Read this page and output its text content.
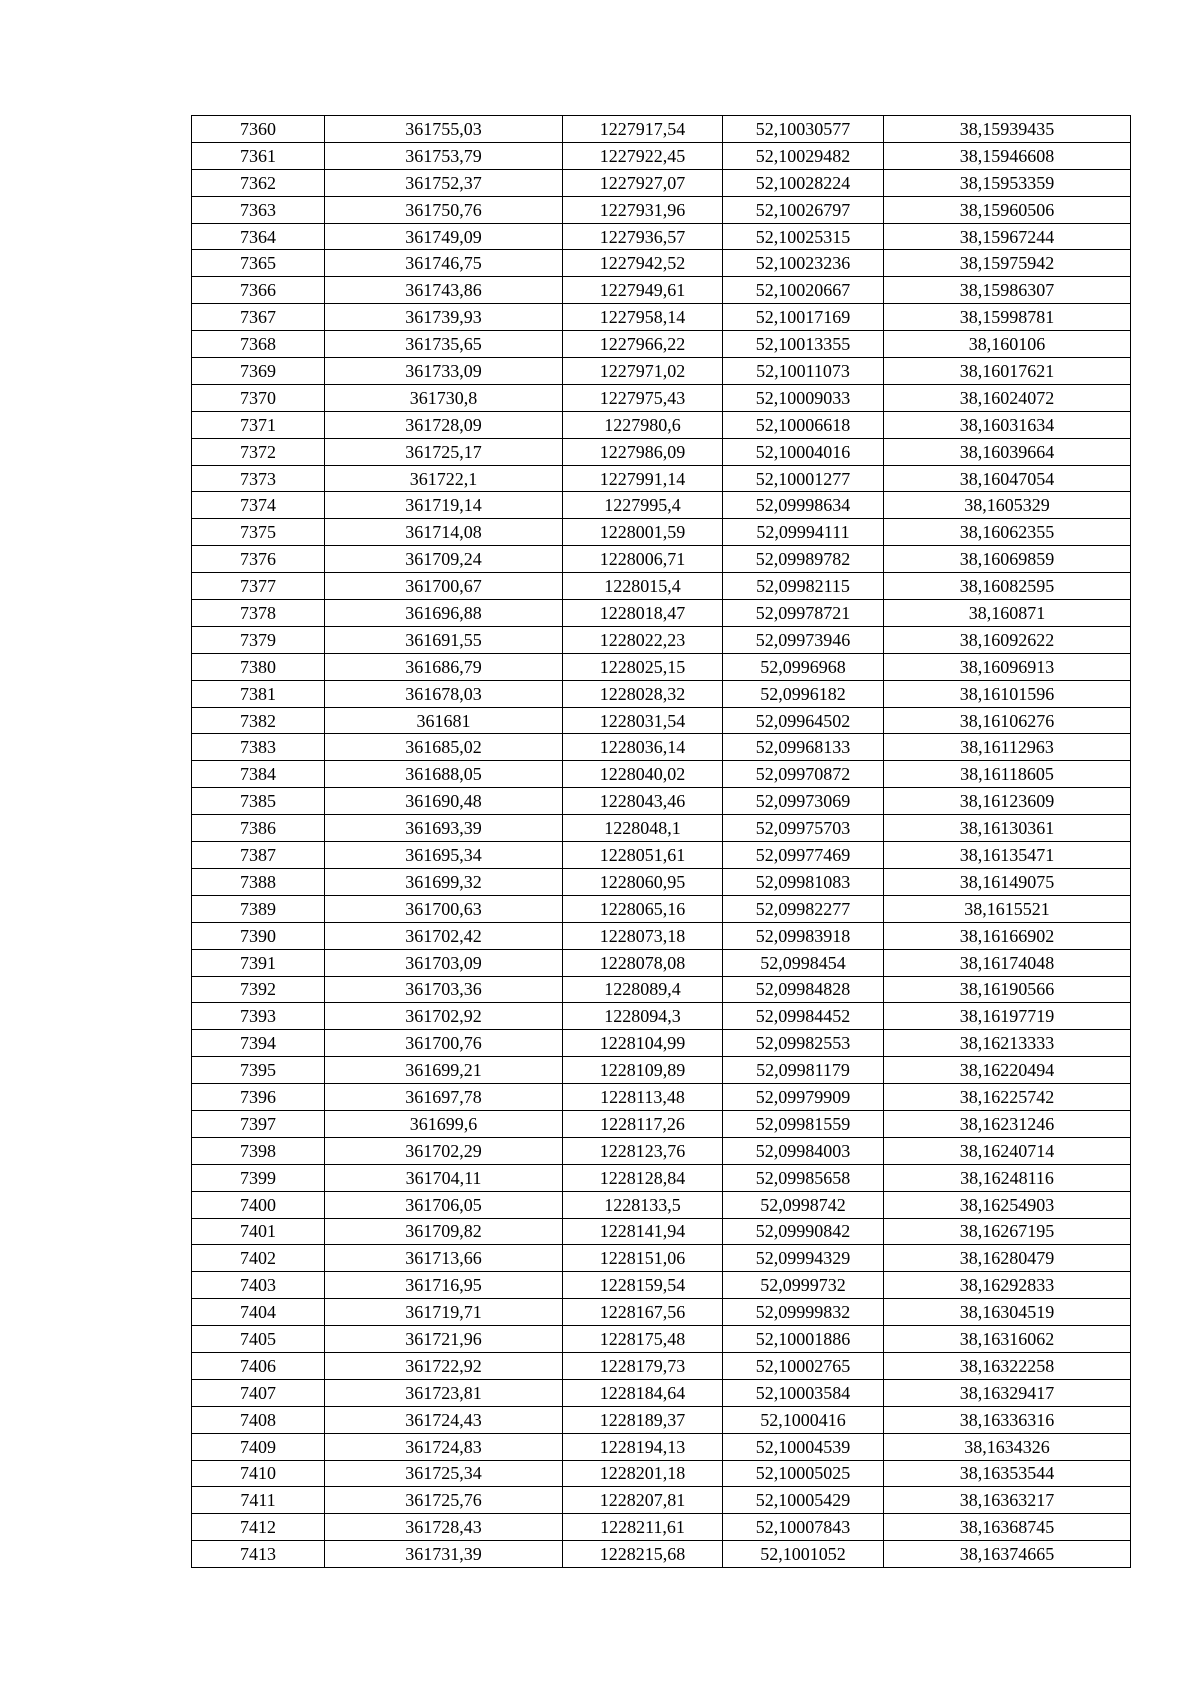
7360	361755,03	1227917,54	52,10030577	38,15939435
7361	361753,79	1227922,45	52,10029482	38,15946608
7362	361752,37	1227927,07	52,10028224	38,15953359
7363	361750,76	1227931,96	52,10026797	38,15960506
7364	361749,09	1227936,57	52,10025315	38,15967244
7365	361746,75	1227942,52	52,10023236	38,15975942
7366	361743,86	1227949,61	52,10020667	38,15986307
7367	361739,93	1227958,14	52,10017169	38,15998781
7368	361735,65	1227966,22	52,10013355	38,160106
7369	361733,09	1227971,02	52,10011073	38,16017621
7370	361730,8	1227975,43	52,10009033	38,16024072
7371	361728,09	1227980,6	52,10006618	38,16031634
7372	361725,17	1227986,09	52,10004016	38,16039664
7373	361722,1	1227991,14	52,10001277	38,16047054
7374	361719,14	1227995,4	52,09998634	38,1605329
7375	361714,08	1228001,59	52,09994111	38,16062355
7376	361709,24	1228006,71	52,09989782	38,16069859
7377	361700,67	1228015,4	52,09982115	38,16082595
7378	361696,88	1228018,47	52,09978721	38,160871
7379	361691,55	1228022,23	52,09973946	38,16092622
7380	361686,79	1228025,15	52,0996968	38,16096913
7381	361678,03	1228028,32	52,0996182	38,16101596
7382	361681	1228031,54	52,09964502	38,16106276
7383	361685,02	1228036,14	52,09968133	38,16112963
7384	361688,05	1228040,02	52,09970872	38,16118605
7385	361690,48	1228043,46	52,09973069	38,16123609
7386	361693,39	1228048,1	52,09975703	38,16130361
7387	361695,34	1228051,61	52,09977469	38,16135471
7388	361699,32	1228060,95	52,09981083	38,16149075
7389	361700,63	1228065,16	52,09982277	38,1615521
7390	361702,42	1228073,18	52,09983918	38,16166902
7391	361703,09	1228078,08	52,0998454	38,16174048
7392	361703,36	1228089,4	52,09984828	38,16190566
7393	361702,92	1228094,3	52,09984452	38,16197719
7394	361700,76	1228104,99	52,09982553	38,16213333
7395	361699,21	1228109,89	52,09981179	38,16220494
7396	361697,78	1228113,48	52,09979909	38,16225742
7397	361699,6	1228117,26	52,09981559	38,16231246
7398	361702,29	1228123,76	52,09984003	38,16240714
7399	361704,11	1228128,84	52,09985658	38,16248116
7400	361706,05	1228133,5	52,0998742	38,16254903
7401	361709,82	1228141,94	52,09990842	38,16267195
7402	361713,66	1228151,06	52,09994329	38,16280479
7403	361716,95	1228159,54	52,0999732	38,16292833
7404	361719,71	1228167,56	52,09999832	38,16304519
7405	361721,96	1228175,48	52,10001886	38,16316062
7406	361722,92	1228179,73	52,10002765	38,16322258
7407	361723,81	1228184,64	52,10003584	38,16329417
7408	361724,43	1228189,37	52,1000416	38,16336316
7409	361724,83	1228194,13	52,10004539	38,1634326
7410	361725,34	1228201,18	52,10005025	38,16353544
7411	361725,76	1228207,81	52,10005429	38,16363217
7412	361728,43	1228211,61	52,10007843	38,16368745
7413	361731,39	1228215,68	52,1001052	38,16374665
